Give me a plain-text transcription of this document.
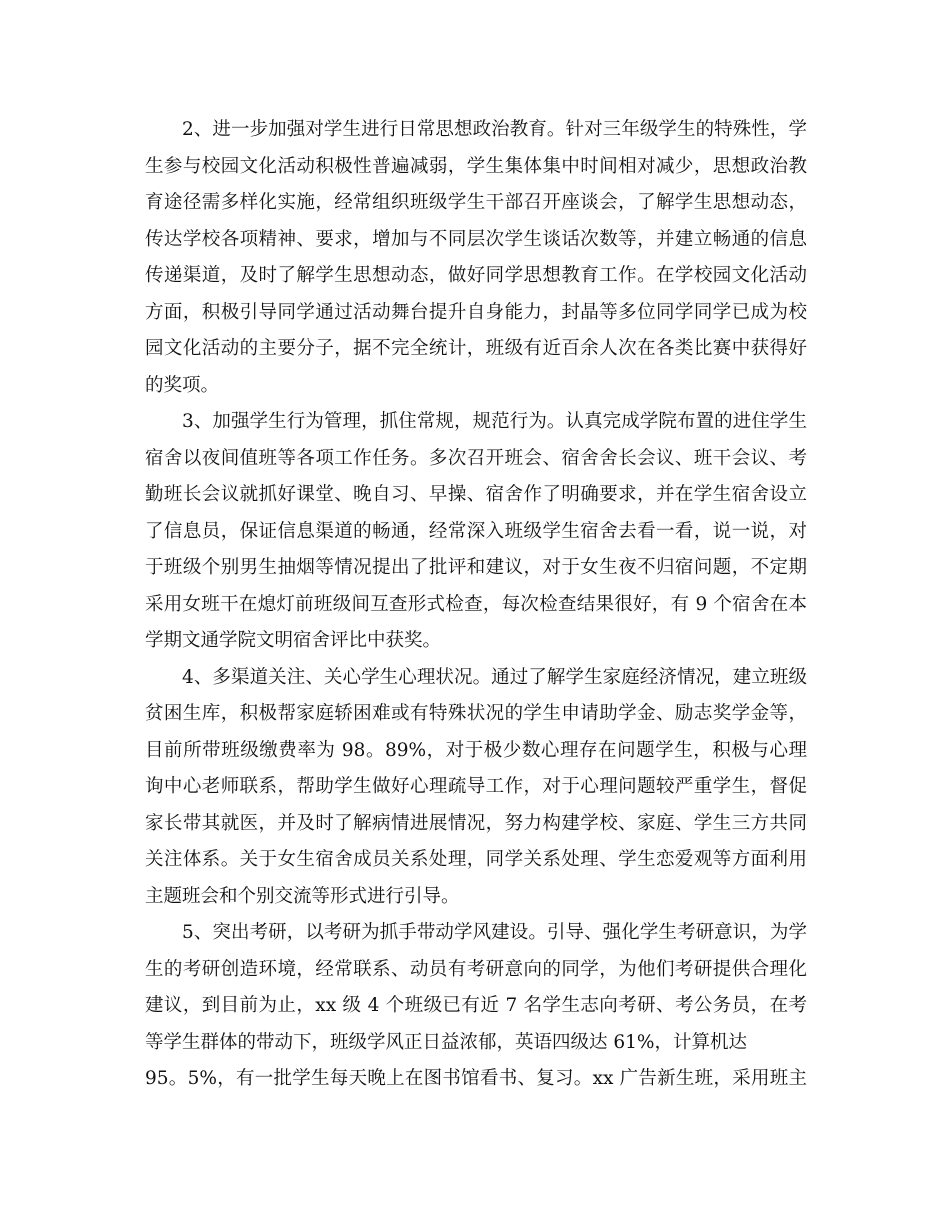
2、进一步加强对学生进行日常思想政治教育。针对三年级学生的特殊性，学
生参与校园文化活动积极性普遍减弱，学生集体集中时间相对减少，思想政治教
育途径需多样化实施，经常组织班级学生干部召开座谈会，了解学生思想动态，
传达学校各项精神、要求，增加与不同层次学生谈话次数等，并建立畅通的信息
传递渠道，及时了解学生思想动态，做好同学思想教育工作。在学校园文化活动
方面，积极引导同学通过活动舞台提升自身能力，封晶等多位同学同学已成为校
园文化活动的主要分子，据不完全统计，班级有近百余人次在各类比赛中获得好
的奖项。
3、加强学生行为管理，抓住常规，规范行为。认真完成学院布置的进住学生
宿舍以夜间值班等各项工作任务。多次召开班会、宿舍舍长会议、班干会议、考
勤班长会议就抓好课堂、晚自习、早操、宿舍作了明确要求，并在学生宿舍设立
了信息员，保证信息渠道的畅通，经常深入班级学生宿舍去看一看，说一说，对
于班级个别男生抽烟等情况提出了批评和建议，对于女生夜不归宿问题，不定期
采用女班干在熄灯前班级间互查形式检查，每次检查结果很好，有 9 个宿舍在本
学期文通学院文明宿舍评比中获奖。
4、多渠道关注、关心学生心理状况。通过了解学生家庭经济情况，建立班级
贫困生库，积极帮家庭轿困难或有特殊状况的学生申请助学金、励志奖学金等，
目前所带班级缴费率为 98。89%，对于极少数心理存在问题学生，积极与心理
询中心老师联系，帮助学生做好心理疏导工作，对于心理问题较严重学生，督促
家长带其就医，并及时了解病情进展情况，努力构建学校、家庭、学生三方共同
关注体系。关于女生宿舍成员关系处理，同学关系处理、学生恋爱观等方面利用
主题班会和个别交流等形式进行引导。
5、突出考研，以考研为抓手带动学风建设。引导、强化学生考研意识，为学
生的考研创造环境，经常联系、动员有考研意向的同学，为他们考研提供合理化
建议，到目前为止，xx 级 4 个班级已有近 7 名学生志向考研、考公务员，在考
等学生群体的带动下，班级学风正日益浓郁，英语四级达 61%，计算机达
95。5%，有一批学生每天晚上在图书馆看书、复习。xx 广告新生班，采用班主
